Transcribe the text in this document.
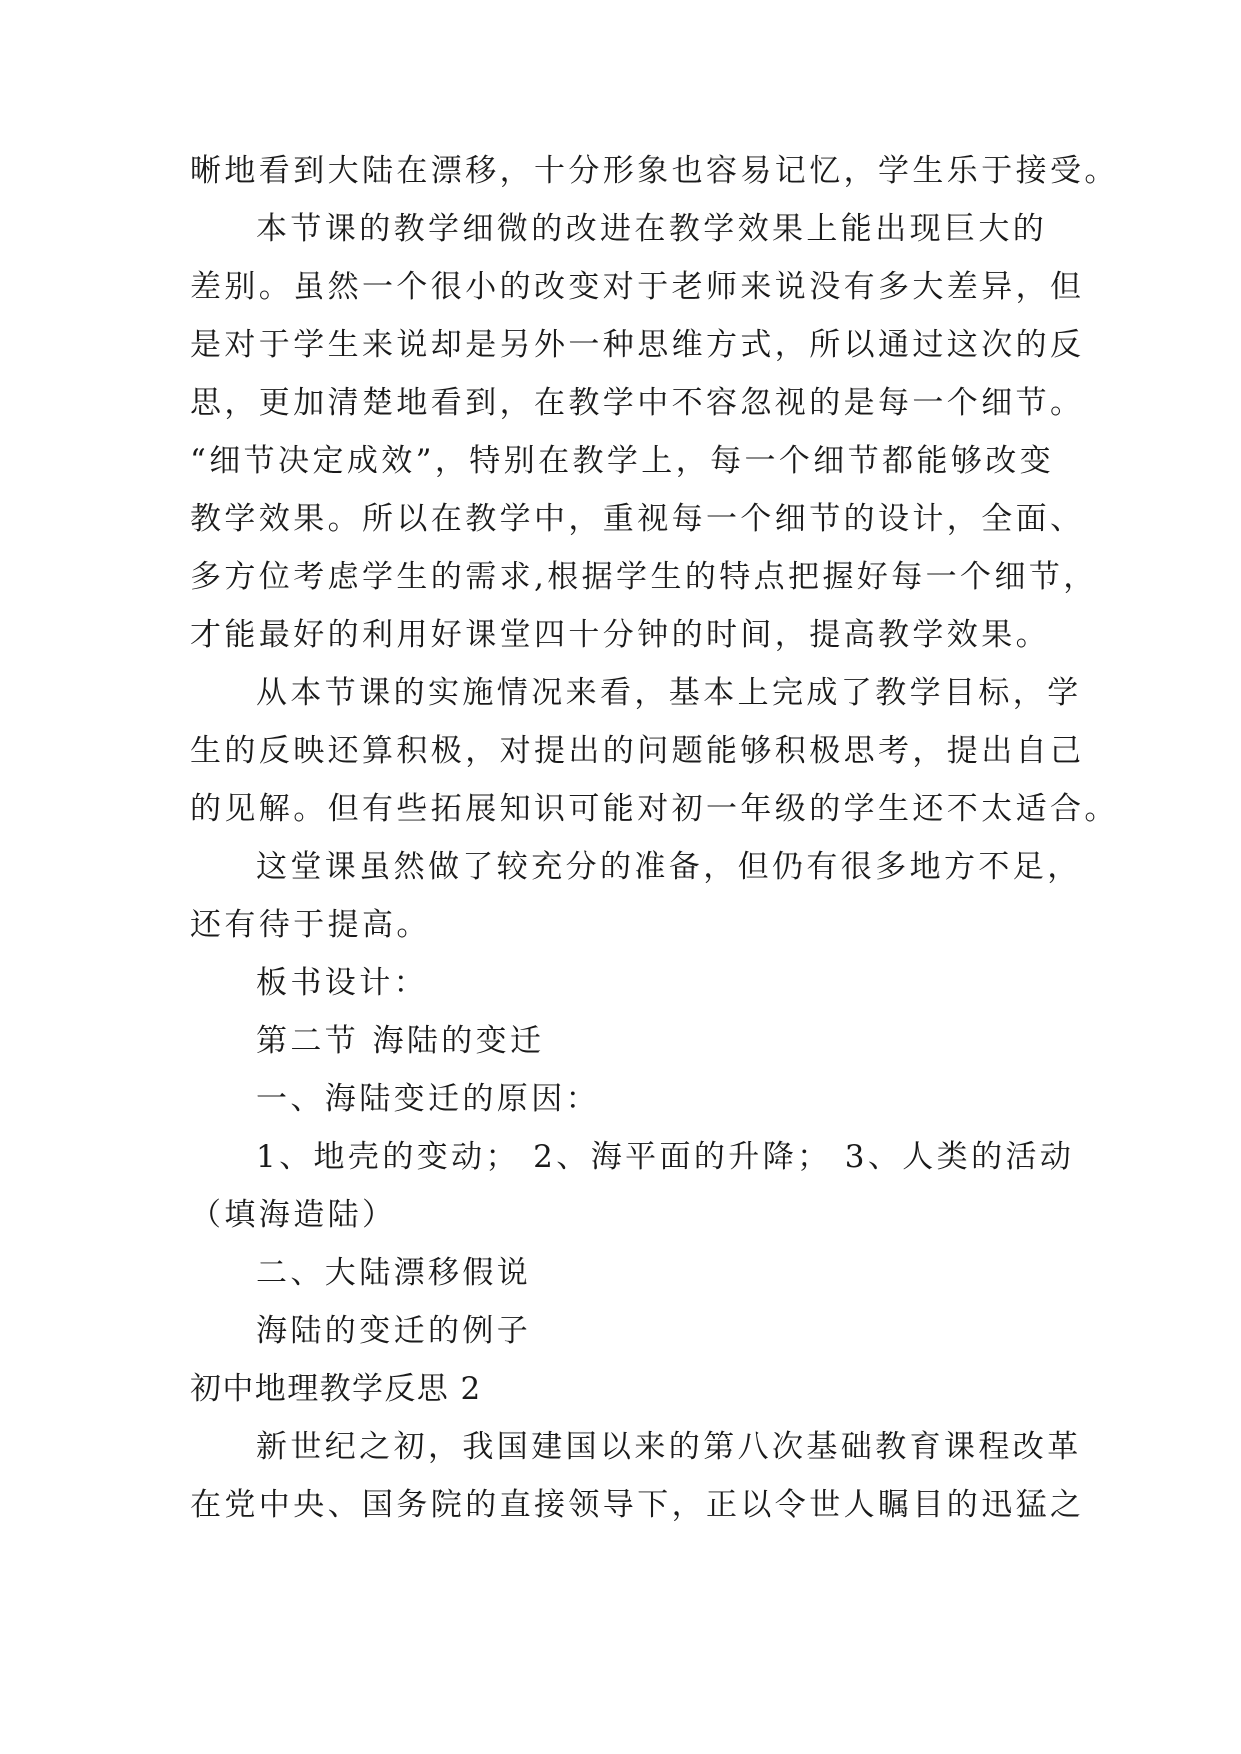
晰地看到大陆在漂移，十分形象也容易记忆，学生乐于接受。
本节课的教学细微的改进在教学效果上能出现巨大的
差别。虽然一个很小的改变对于老师来说没有多大差异，但
是对于学生来说却是另外一种思维方式，所以通过这次的反
思，更加清楚地看到，在教学中不容忽视的是每一个细节。
“细节决定成效”，特别在教学上，每一个细节都能够改变
教学效果。所以在教学中，重视每一个细节的设计，全面、
多方位考虑学生的需求,根据学生的特点把握好每一个细节，
才能最好的利用好课堂四十分钟的时间，提高教学效果。
从本节课的实施情况来看，基本上完成了教学目标，学
生的反映还算积极，对提出的问题能够积极思考，提出自己
的见解。但有些拓展知识可能对初一年级的学生还不太适合。
这堂课虽然做了较充分的准备，但仍有很多地方不足，
还有待于提高。
板书设计：
第二节 海陆的变迁
一、海陆变迁的原因：
1、地壳的变动； 2、海平面的升降； 3、人类的活动
（填海造陆）
二、大陆漂移假说
海陆的变迁的例子
初中地理教学反思 2
新世纪之初，我国建国以来的第八次基础教育课程改革
在党中央、国务院的直接领导下，正以令世人瞩目的迅猛之
